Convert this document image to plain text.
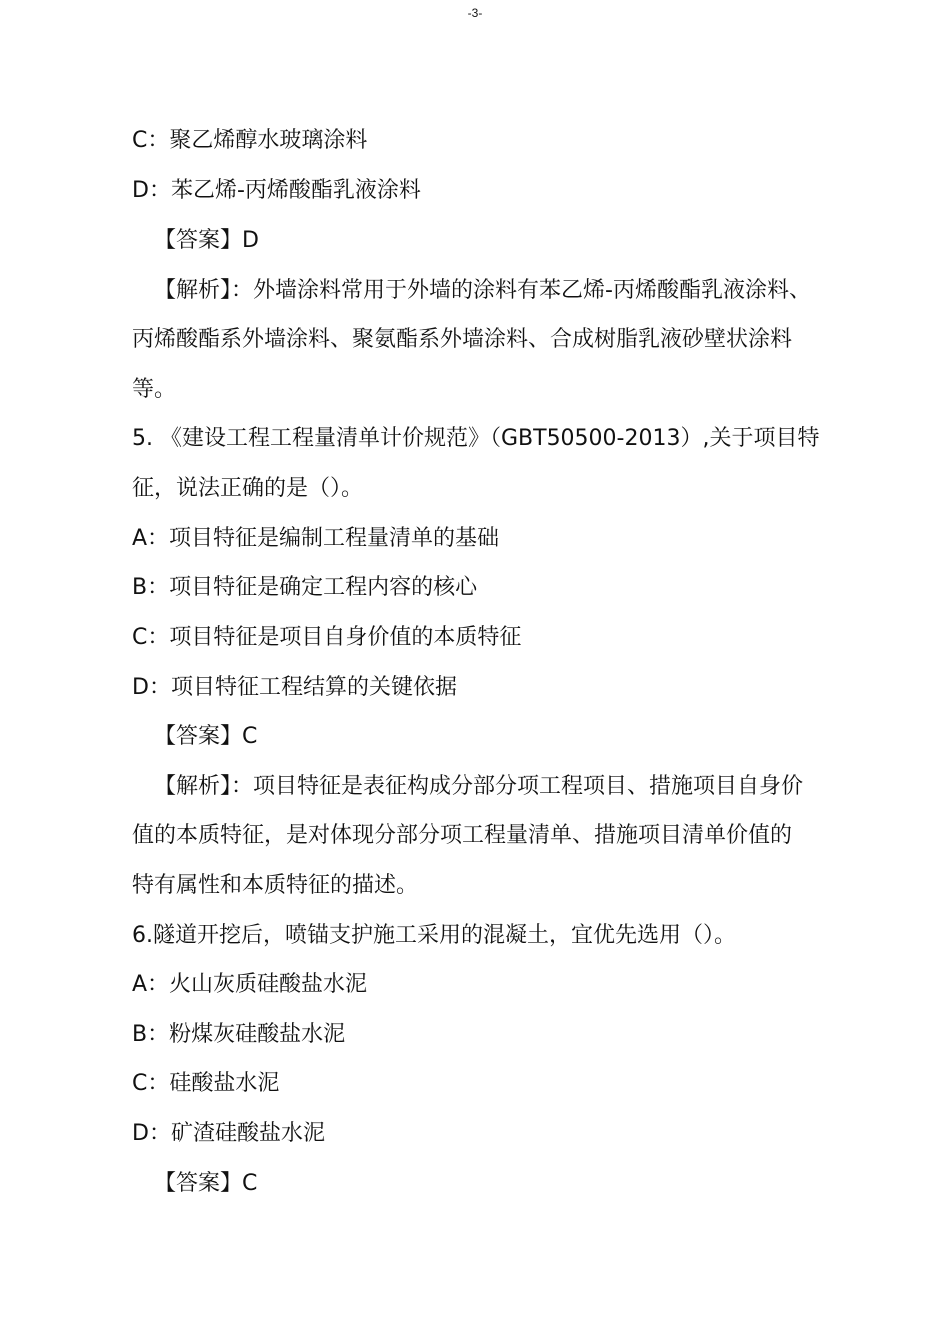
-3-
C：聚乙烯醇水玻璃涂料
D：苯乙烯-丙烯酸酯乳液涂料
【答案】D
【解析】：外墙涂料常用于外墙的涂料有苯乙烯-丙烯酸酯乳液涂料、
丙烯酸酯系外墙涂料、聚氨酯系外墙涂料、合成树脂乳液砂壁状涂料
等。
5. 《建设工程工程量清单计价规范》（GBT50500-2013）,关于项目特
征，说法正确的是（）。
A：项目特征是编制工程量清单的基础
B：项目特征是确定工程内容的核心
C：项目特征是项目自身价值的本质特征
D：项目特征工程结算的关键依据
【答案】C
【解析】：项目特征是表征构成分部分项工程项目、措施项目自身价
值的本质特征，是对体现分部分项工程量清单、措施项目清单价值的
特有属性和本质特征的描述。
6.隧道开挖后，喷锚支护施工采用的混凝土，宜优先选用（）。
A：火山灰质硅酸盐水泥
B：粉煤灰硅酸盐水泥
C：硅酸盐水泥
D：矿渣硅酸盐水泥
【答案】C
